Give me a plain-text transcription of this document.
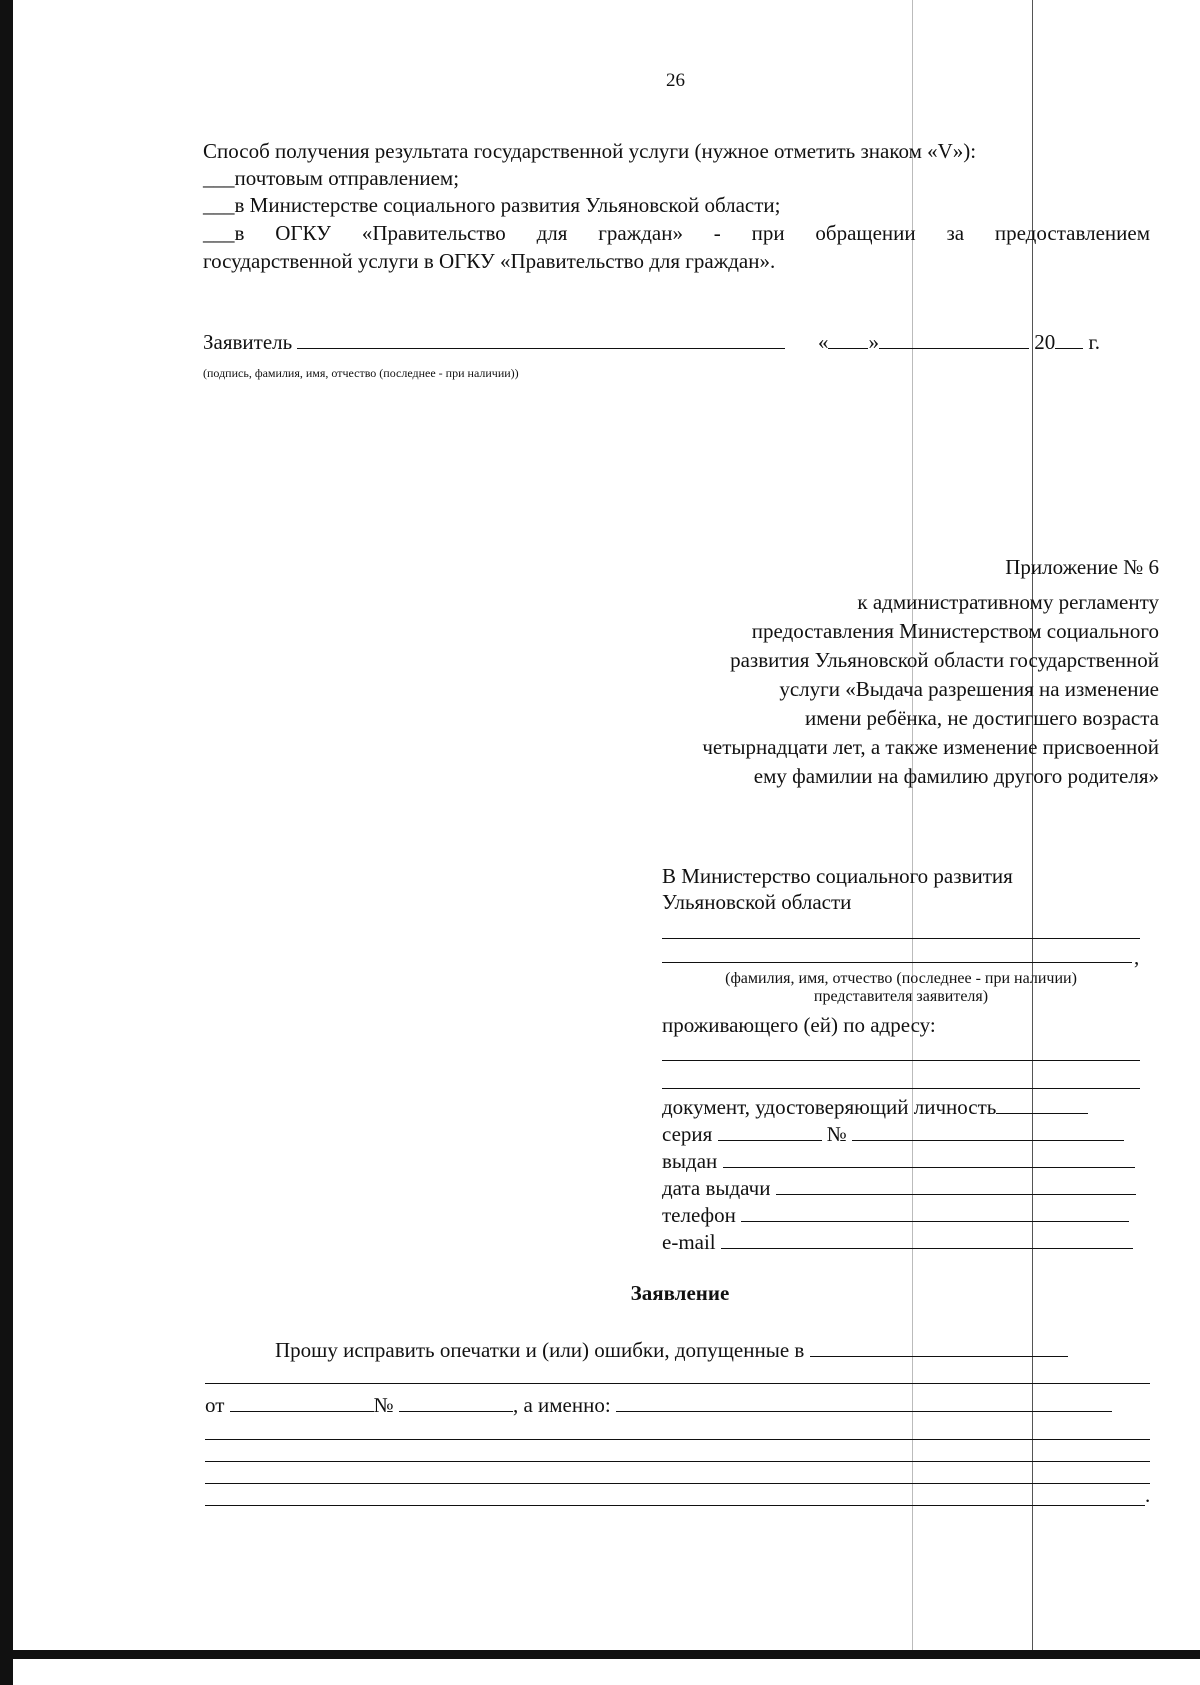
26
Способ получения результата государственной услуги (нужное отметить знаком «V»):
___почтовым отправлением;
___в Министерстве социального развития Ульяновской области;
___в ОГКУ «Правительство для граждан» - при обращении за предоставлением
государственной услуги в ОГКУ «Правительство для граждан».
Заявитель	« »	20 г.
(подпись, фамилия, имя, отчество (последнее - при наличии))
Приложение № 6
к административному регламенту
предоставления Министерством социального
развития Ульяновской области государственной
услуги «Выдача разрешения на изменение
имени ребёнка, не достигшего возраста
четырнадцати лет, а также изменение присвоенной
ему фамилии на фамилию другого родителя»
В Министерство социального развития
Ульяновской области
,
(фамилия, имя, отчество (последнее - при наличии)
представителя заявителя)
проживающего (ей) по адресу:
документ, удостоверяющий личность
серия	№
выдан
дата выдачи
телефон
e-mail
Заявление
Прошу исправить опечатки и (или) ошибки, допущенные в
от	№	, а именно:
.
